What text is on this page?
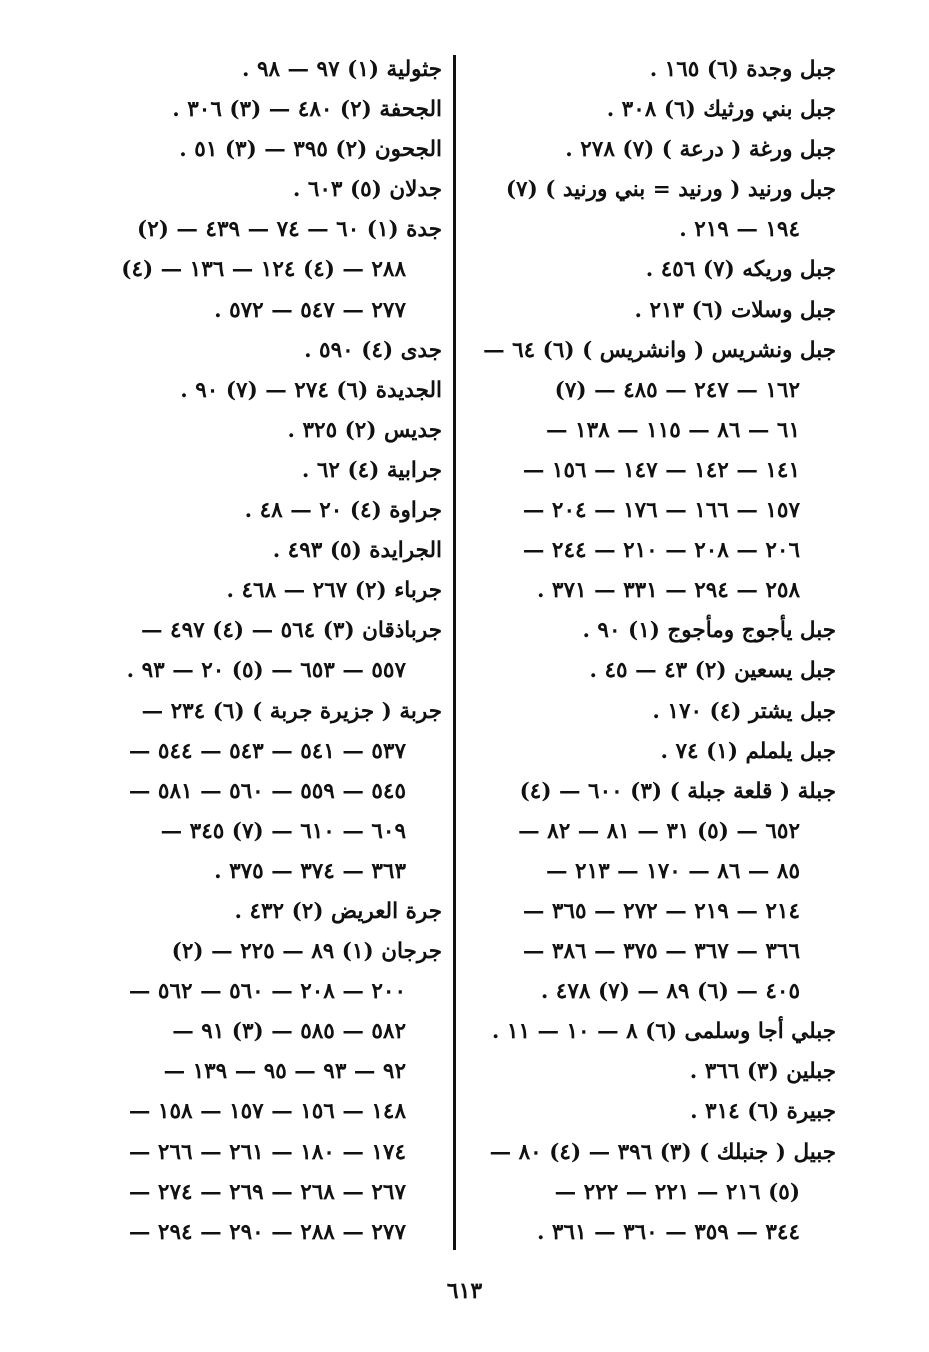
جبل وجدة (٦) ١٦٥ .
جبل بني ورثيك (٦) ٣٠٨ .
جبل ورغة ( درعة ) (٧) ٢٧٨ .
جبل ورنيد ( ورنيد = بني ورنيد ) (٧)
١٩٤ — ٢١٩ .
جبل وريكه (٧) ٤٥٦ .
جبل وسلات (٦) ٢١٣ .
جبل ونشريس ( وانشريس ) (٦) ٦٤ —
١٦٢ — ٢٤٧ — ٤٨٥ — (٧)
٦١ — ٨٦ — ١١٥ — ١٣٨ —
١٤١ — ١٤٢ — ١٤٧ — ١٥٦ —
١٥٧ — ١٦٦ — ١٧٦ — ٢٠٤ —
٢٠٦ — ٢٠٨ — ٢١٠ — ٢٤٤ —
٢٥٨ — ٢٩٤ — ٣٣١ — ٣٧١ .
جبل يأجوج ومأجوج (١) ٩٠ .
جبل يسعين (٢) ٤٣ — ٤٥ .
جبل يشتر (٤) ١٧٠ .
جبل يلملم (١) ٧٤ .
جبلة ( قلعة جبلة ) (٣) ٦٠٠ — (٤)
٦٥٢ — (٥) ٣١ — ٨١ — ٨٢ —
٨٥ — ٨٦ — ١٧٠ — ٢١٣ —
٢١٤ — ٢١٩ — ٢٧٢ — ٣٦٥ —
٣٦٦ — ٣٦٧ — ٣٧٥ — ٣٨٦ —
٤٠٥ — (٦) ٨٩ — (٧) ٤٧٨ .
جبلي أجا وسلمى (٦) ٨ — ١٠ — ١١ .
جبلين (٣) ٣٦٦ .
جبيرة (٦) ٣١٤ .
جبيل ( جنبلك ) (٣) ٣٩٦ — (٤) ٨٠ —
(٥) ٢١٦ — ٢٢١ — ٢٢٢ —
٣٤٤ — ٣٥٩ — ٣٦٠ — ٣٦١ .
جثولية (١) ٩٧ — ٩٨ .
الجحفة (٢) ٤٨٠ — (٣) ٣٠٦ .
الجحون (٢) ٣٩٥ — (٣) ٥١ .
جدلان (٥) ٦٠٣ .
جدة (١) ٦٠ — ٧٤ — ٤٣٩ — (٢)
٢٨٨ — (٤) ١٢٤ — ١٣٦ — (٤)
٢٧٧ — ٥٤٧ — ٥٧٢ .
جدى (٤) ٥٩٠ .
الجديدة (٦) ٢٧٤ — (٧) ٩٠ .
جديس (٢) ٣٢٥ .
جرابية (٤) ٦٢ .
جراوة (٤) ٢٠ — ٤٨ .
الجرايدة (٥) ٤٩٣ .
جرباء (٢) ٢٦٧ — ٤٦٨ .
جرباذقان (٣) ٥٦٤ — (٤) ٤٩٧ —
٥٥٧ — ٦٥٣ — (٥) ٢٠ — ٩٣ .
جربة ( جزيرة جربة ) (٦) ٢٣٤ —
٥٣٧ — ٥٤١ — ٥٤٣ — ٥٤٤ —
٥٤٥ — ٥٥٩ — ٥٦٠ — ٥٨١ —
٦٠٩ — ٦١٠ — (٧) ٣٤٥ —
٣٦٣ — ٣٧٤ — ٣٧٥ .
جرة العريض (٢) ٤٣٢ .
جرجان (١) ٨٩ — ٢٢٥ — (٢)
٢٠٠ — ٢٠٨ — ٥٦٠ — ٥٦٢ —
٥٨٢ — ٥٨٥ — (٣) ٩١ —
٩٢ — ٩٣ — ٩٥ — ١٣٩ —
١٤٨ — ١٥٦ — ١٥٧ — ١٥٨ —
١٧٤ — ١٨٠ — ٢٦١ — ٢٦٦ —
٢٦٧ — ٢٦٨ — ٢٦٩ — ٢٧٤ —
٢٧٧ — ٢٨٨ — ٢٩٠ — ٢٩٤ —
٦١٣
